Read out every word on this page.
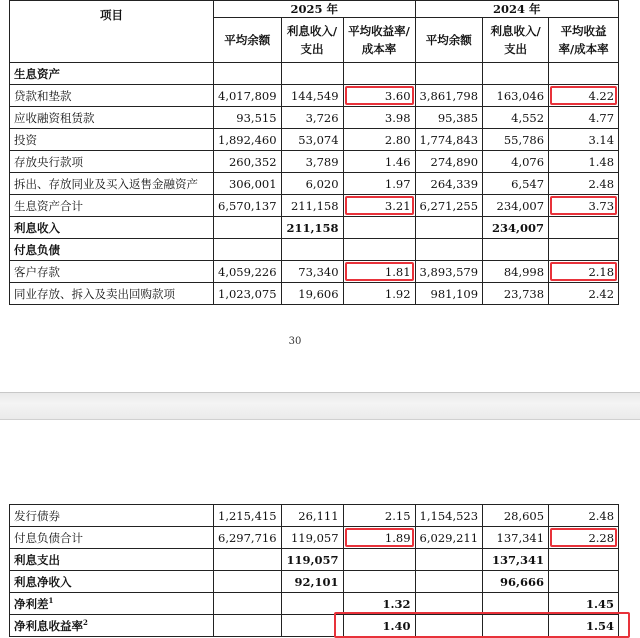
项目	2025 年			2024 年		
	平均余额	利息收入/支出	平均收益率/成本率	平均余额	利息收入/支出	平均收益率/成本率
生息资产						
贷款和垫款	4,017,809	144,549	3.60	3,861,798	163,046	4.22
应收融资租赁款	93,515	3,726	3.98	95,385	4,552	4.77
投资	1,892,460	53,074	2.80	1,774,843	55,786	3.14
存放央行款项	260,352	3,789	1.46	274,890	4,076	1.48
拆出、存放同业及买入返售金融资产	306,001	6,020	1.97	264,339	6,547	2.48
生息资产合计	6,570,137	211,158	3.21	6,271,255	234,007	3.73
利息收入		211,158			234,007	
付息负债						
客户存款	4,059,226	73,340	1.81	3,893,579	84,998	2.18
同业存放、拆入及卖出回购款项	1,023,075	19,606	1.92	981,109	23,738	2.42
30
发行债券	1,215,415	26,111	2.15	1,154,523	28,605	2.48
付息负债合计	6,297,716	119,057	1.89	6,029,211	137,341	2.28
利息支出		119,057			137,341	
利息净收入		92,101			96,666	
净利差$^1$			1.32			1.45
净利息收益率$^2$			1.40			1.54
